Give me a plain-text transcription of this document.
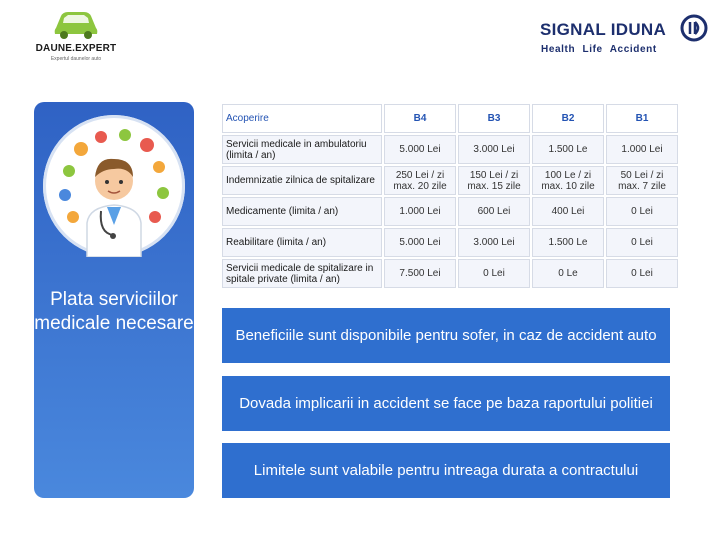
DAUNE.EXPERT
Expertul daunelor auto
SIGNAL IDUNA
Health Life Accident
Plata serviciilor medicale necesare
Acoperire	B4	B3	B2	B1
Servicii medicale in ambulatoriu (limita / an)	5.000 Lei	3.000 Lei	1.500 Le	1.000 Lei
Indemnizatie zilnica de spitalizare	250 Lei / zi max. 20 zile	150 Lei / zi max. 15 zile	100 Le / zi max. 10 zile	50 Lei / zi max. 7 zile
Medicamente (limita / an)	1.000 Lei	600 Lei	400 Lei	0 Lei
Reabilitare (limita / an)	5.000 Lei	3.000 Lei	1.500 Le	0 Lei
Servicii medicale de spitalizare in spitale private (limita / an)	7.500 Lei	0 Lei	0 Le	0 Lei
Beneficiile sunt disponibile pentru sofer, in caz de accident auto
Dovada implicarii in accident se face pe baza raportului politiei
Limitele sunt valabile pentru intreaga durata a contractului
